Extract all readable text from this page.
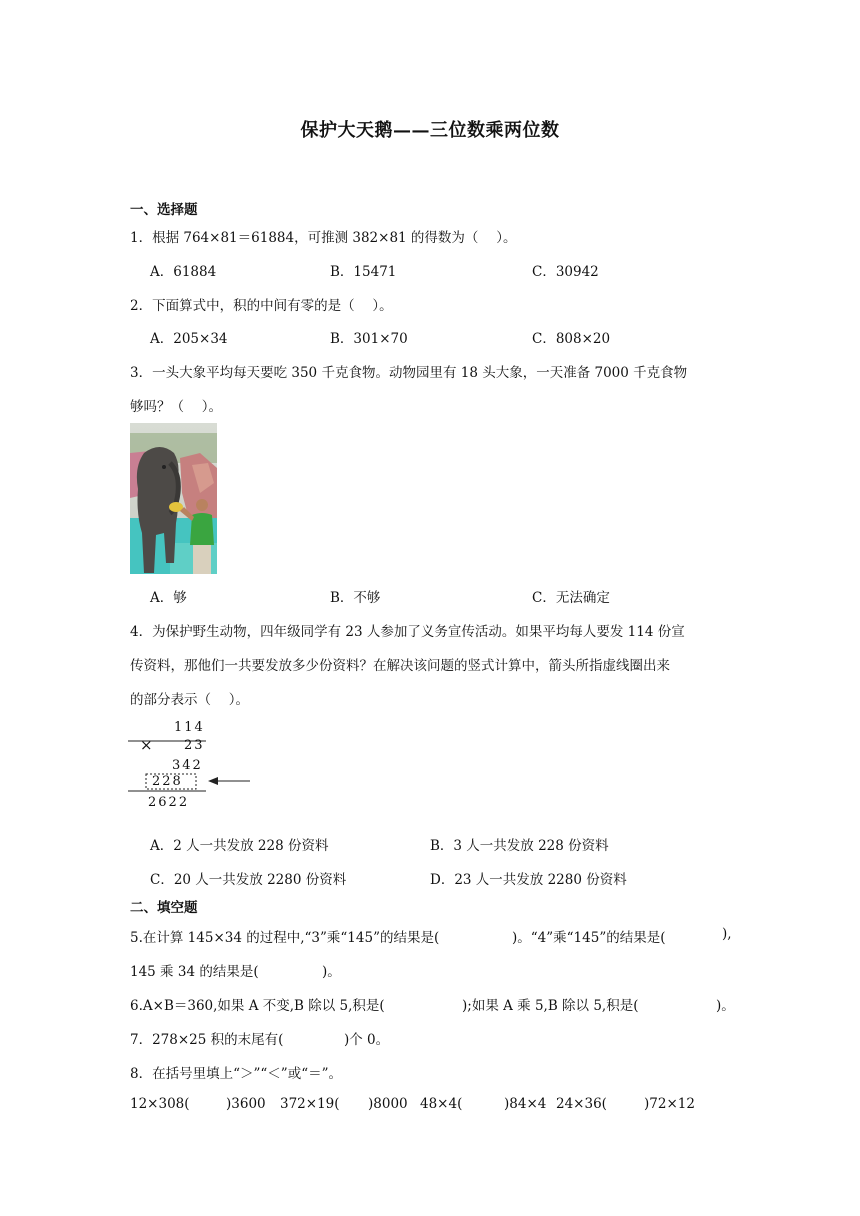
保护大天鹅——三位数乘两位数
一、选择题
1．根据 764×81＝61884，可推测 382×81 的得数为（　 ）。
A．61884	B．15471	C．30942
2．下面算式中，积的中间有零的是（　 ）。
A．205×34	B．301×70	C．808×20
3．一头大象平均每天要吃 350 千克食物。动物园里有 18 头大象，一天准备 7000 千克食物
够吗？（　 ）。
A．够	B．不够	C．无法确定
4．为保护野生动物，四年级同学有 23 人参加了义务宣传活动。如果平均每人要发 114 份宣
传资料，那他们一共要发放多少份资料？在解决该问题的竖式计算中，箭头所指虚线圈出来
的部分表示（　 ）。
114
× 23
342
228
2622
A．2 人一共发放 228 份资料	B．3 人一共发放 228 份资料
C．20 人一共发放 2280 份资料	D．23 人一共发放 2280 份资料
二、填空题
5.在计算 145×34 的过程中,“3”乘“145”的结果是(	)。“4”乘“145”的结果是(	),
145 乘 34 的结果是(	)。
6.A×B＝360,如果 A 不变,B 除以 5,积是(	);如果 A 乘 5,B 除以 5,积是(	)。
7．278×25 积的末尾有(	)个 0。
8．在括号里填上“＞”“＜”或“＝”。
12×308(	)3600 372×19( )8000 48×4(	)84×4 24×36(	)72×12
